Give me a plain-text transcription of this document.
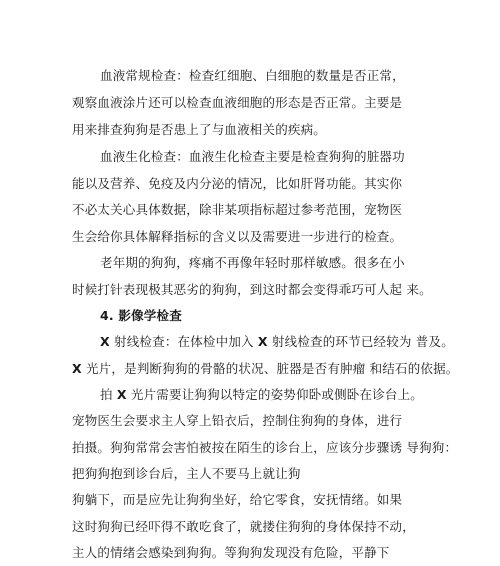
血液常规检查：检查红细胞、白细胞的数量是否正常，
观察血液涂片还可以检查血液细胞的形态是否正常。主要是
用来排查狗狗是否患上了与血液相关的疾病。
血液生化检查：血液生化检查主要是检查狗狗的脏器功
能以及营养、免疫及内分泌的情况，比如肝肾功能。其实你
不必太关心具体数据，除非某项指标超过参考范围，宠物医
生会给你具体解释指标的含义以及需要进一步进行的检查。
老年期的狗狗，疼痛不再像年轻时那样敏感。很多在小
时候打针表现极其恶劣的狗狗，到这时都会变得乖巧可人起 来。
4. 影像学检查
X 射线检查：在体检中加入 X 射线检查的环节已经较为 普及。
X 光片，是判断狗狗的骨骼的状况、脏器是否有肿瘤 和结石的依据。
拍 X 光片需要让狗狗以特定的姿势仰卧或侧卧在诊台上。
宠物医生会要求主人穿上铅衣后，控制住狗狗的身体，进行
拍摄。狗狗常常会害怕被按在陌生的诊台上，应该分步骤诱 导狗狗：
把狗狗抱到诊台后，主人不要马上就让狗
狗躺下，而是应先让狗狗坐好，给它零食，安抚情绪。如果
这时狗狗已经吓得不敢吃食了，就搂住狗狗的身体保持不动，
主人的情绪会感染到狗狗。等狗狗发现没有危险，平静下
